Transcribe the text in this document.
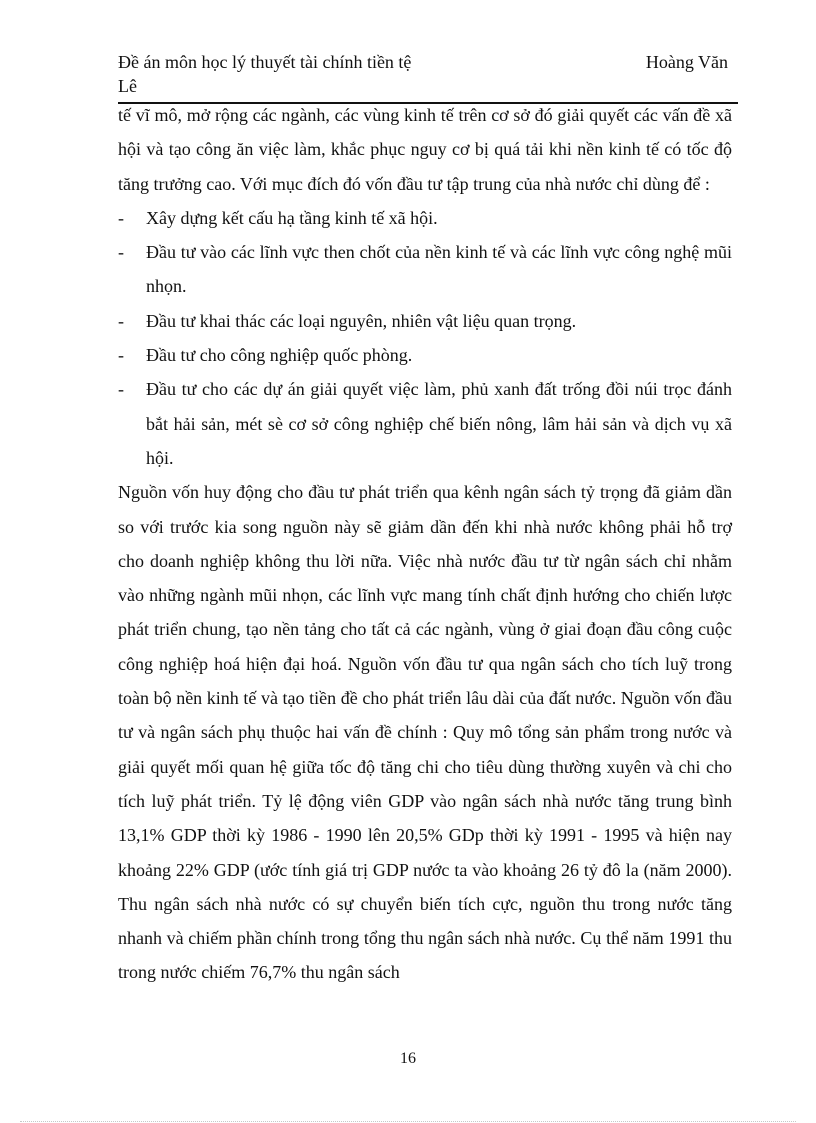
Đề án môn học lý thuyết tài chính tiền tệ	Hoàng Văn
Lê

tế vĩ mô, mở rộng các ngành, các vùng kinh tế trên cơ sở đó giải quyết các vấn đề xã hội và tạo công ăn việc làm, khắc phục nguy cơ bị quá tải khi nền kinh tế có tốc độ tăng trưởng cao. Với mục đích đó vốn đầu tư tập trung của nhà nước chỉ dùng để :

- Xây dựng kết cấu hạ tầng kinh tế xã hội.
- Đầu tư vào các lĩnh vực then chốt của nền kinh tế và các lĩnh vực công nghệ mũi nhọn.
- Đầu tư khai thác các loại nguyên, nhiên vật liệu quan trọng.
- Đầu tư cho công nghiệp quốc phòng.
- Đầu tư cho các dự án giải quyết việc làm, phủ xanh đất trống đồi núi trọc đánh bắt hải sản, mét sè cơ sở công nghiệp chế biến nông, lâm hải sản và dịch vụ xã hội.

Nguồn vốn huy động cho đầu tư phát triển qua kênh ngân sách tỷ trọng đã giảm dần so với trước kia song nguồn này sẽ giảm dần đến khi nhà nước không phải hỗ trợ cho doanh nghiệp không thu lời nữa. Việc nhà nước đầu tư từ ngân sách chỉ nhằm vào những ngành mũi nhọn, các lĩnh vực mang tính chất định hướng cho chiến lược phát triển chung, tạo nền tảng cho tất cả các ngành, vùng ở giai đoạn đầu công cuộc công nghiệp hoá hiện đại hoá. Nguồn vốn đầu tư qua ngân sách cho tích luỹ trong toàn bộ nền kinh tế và tạo tiền đề cho phát triển lâu dài của đất nước. Nguồn vốn đầu tư và ngân sách phụ thuộc hai vấn đề chính : Quy mô tổng sản phẩm trong nước và giải quyết mối quan hệ giữa tốc độ tăng chi cho tiêu dùng thường xuyên và chi cho tích luỹ phát triển. Tỷ lệ động viên GDP vào ngân sách nhà nước tăng trung bình 13,1% GDP thời kỳ 1986 - 1990 lên 20,5% GDp thời kỳ 1991 - 1995 và hiện nay khoảng 22% GDP (ước tính giá trị GDP nước ta vào khoảng 26 tỷ đô la (năm 2000). Thu ngân sách nhà nước có sự chuyển biến tích cực, nguồn thu trong nước tăng nhanh và chiếm phần chính trong tổng thu ngân sách nhà nước. Cụ thể năm 1991 thu trong nước chiếm 76,7% thu ngân sách

16
